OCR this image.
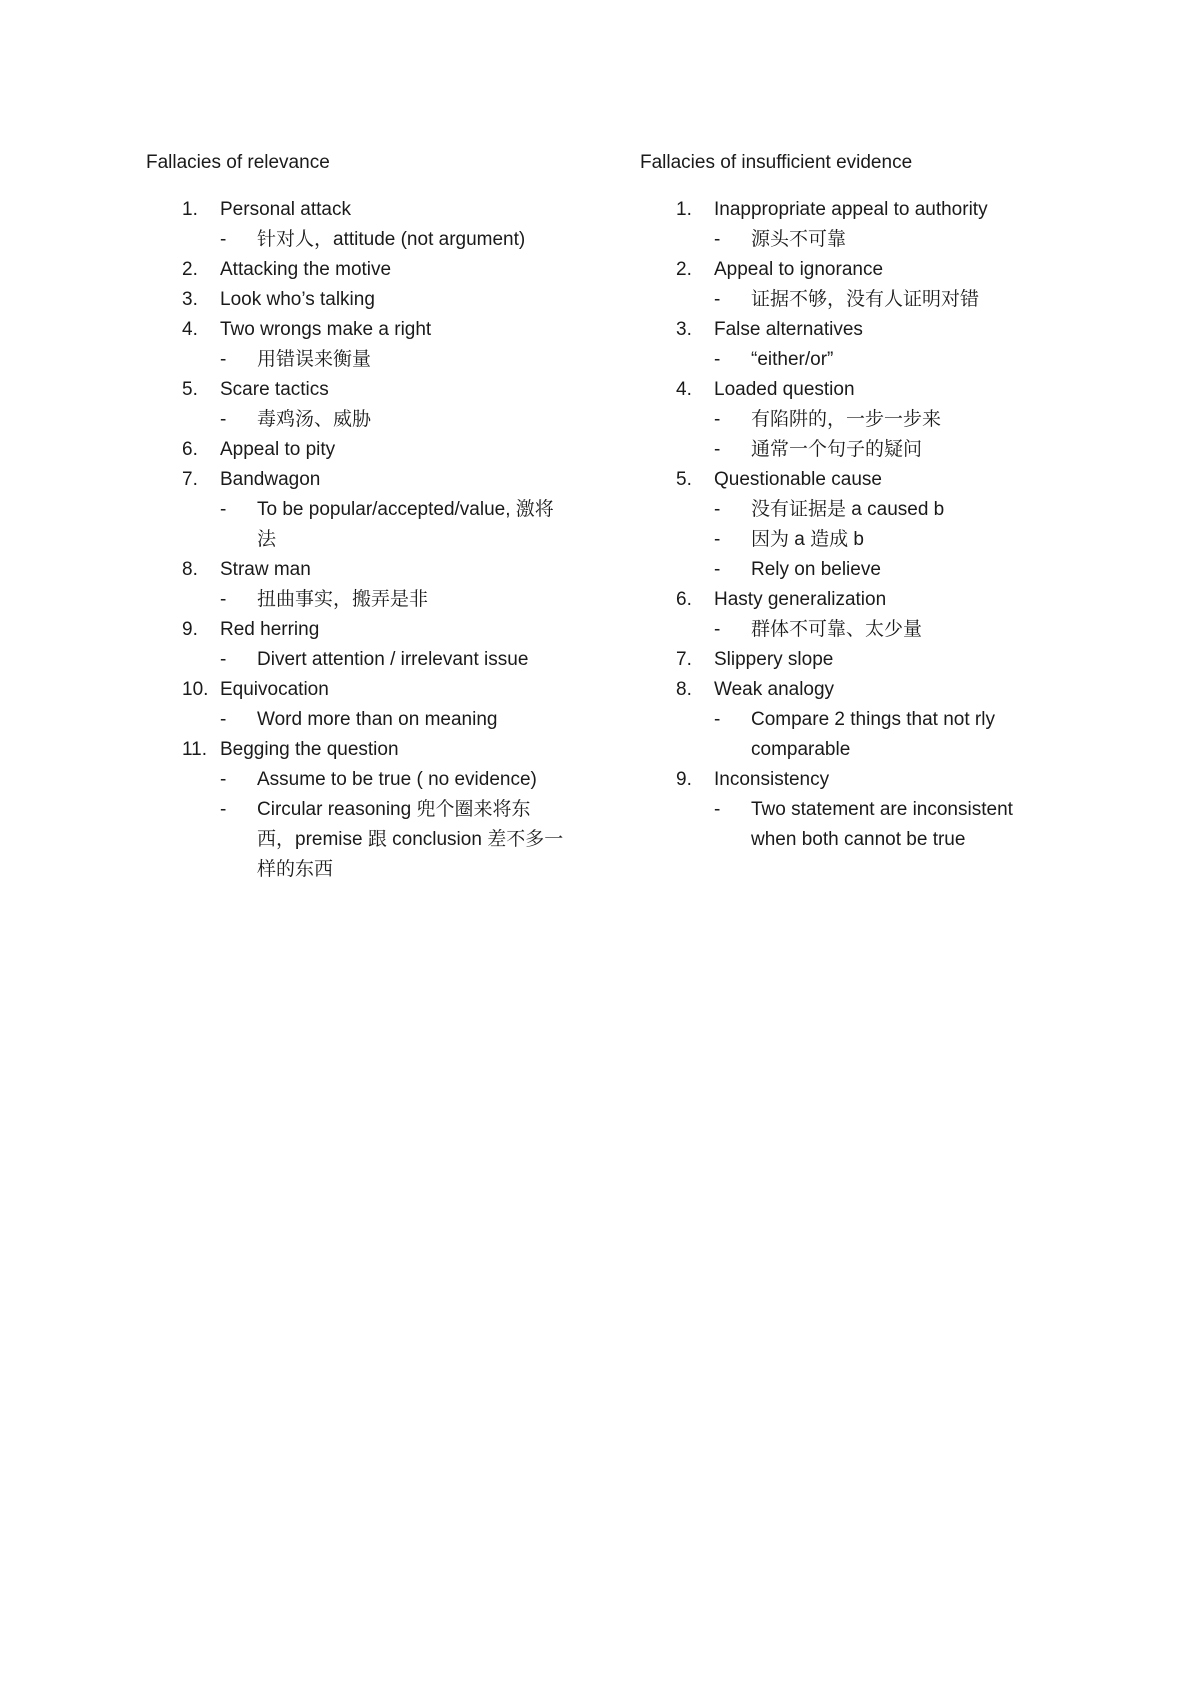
Fallacies of relevance
1.	Personal attack
-	针对人，attitude (not argument)
2.	Attacking the motive
3.	Look who’s talking
4.	Two wrongs make a right
-	用错误来衡量
5.	Scare tactics
-	毒鸡汤、威胁
6.	Appeal to pity
7.	Bandwagon
-	To be popular/accepted/value, 激将法
8.	Straw man
-	扭曲事实，搬弄是非
9.	Red herring
-	Divert attention / irrelevant issue
10. Equivocation
-	Word more than on meaning
11. Begging the question
-	Assume to be true ( no evidence)
-	Circular reasoning 兜个圈来将东西，premise 跟 conclusion 差不多一样的东西
Fallacies of insufficient evidence
1.	Inappropriate appeal to authority
-	源头不可靠
2.	Appeal to ignorance
-	证据不够，没有人证明对错
3.	False alternatives
-	“either/or”
4.	Loaded question
-	有陷阱的，一步一步来
-	通常一个句子的疑问
5.	Questionable cause
-	没有证据是 a caused b
-	因为 a 造成 b
-	Rely on believe
6.	Hasty generalization
-	群体不可靠、太少量
7.	Slippery slope
8.	Weak analogy
-	Compare 2 things that not rly comparable
9.	Inconsistency
-	Two statement are inconsistent when both cannot be true
